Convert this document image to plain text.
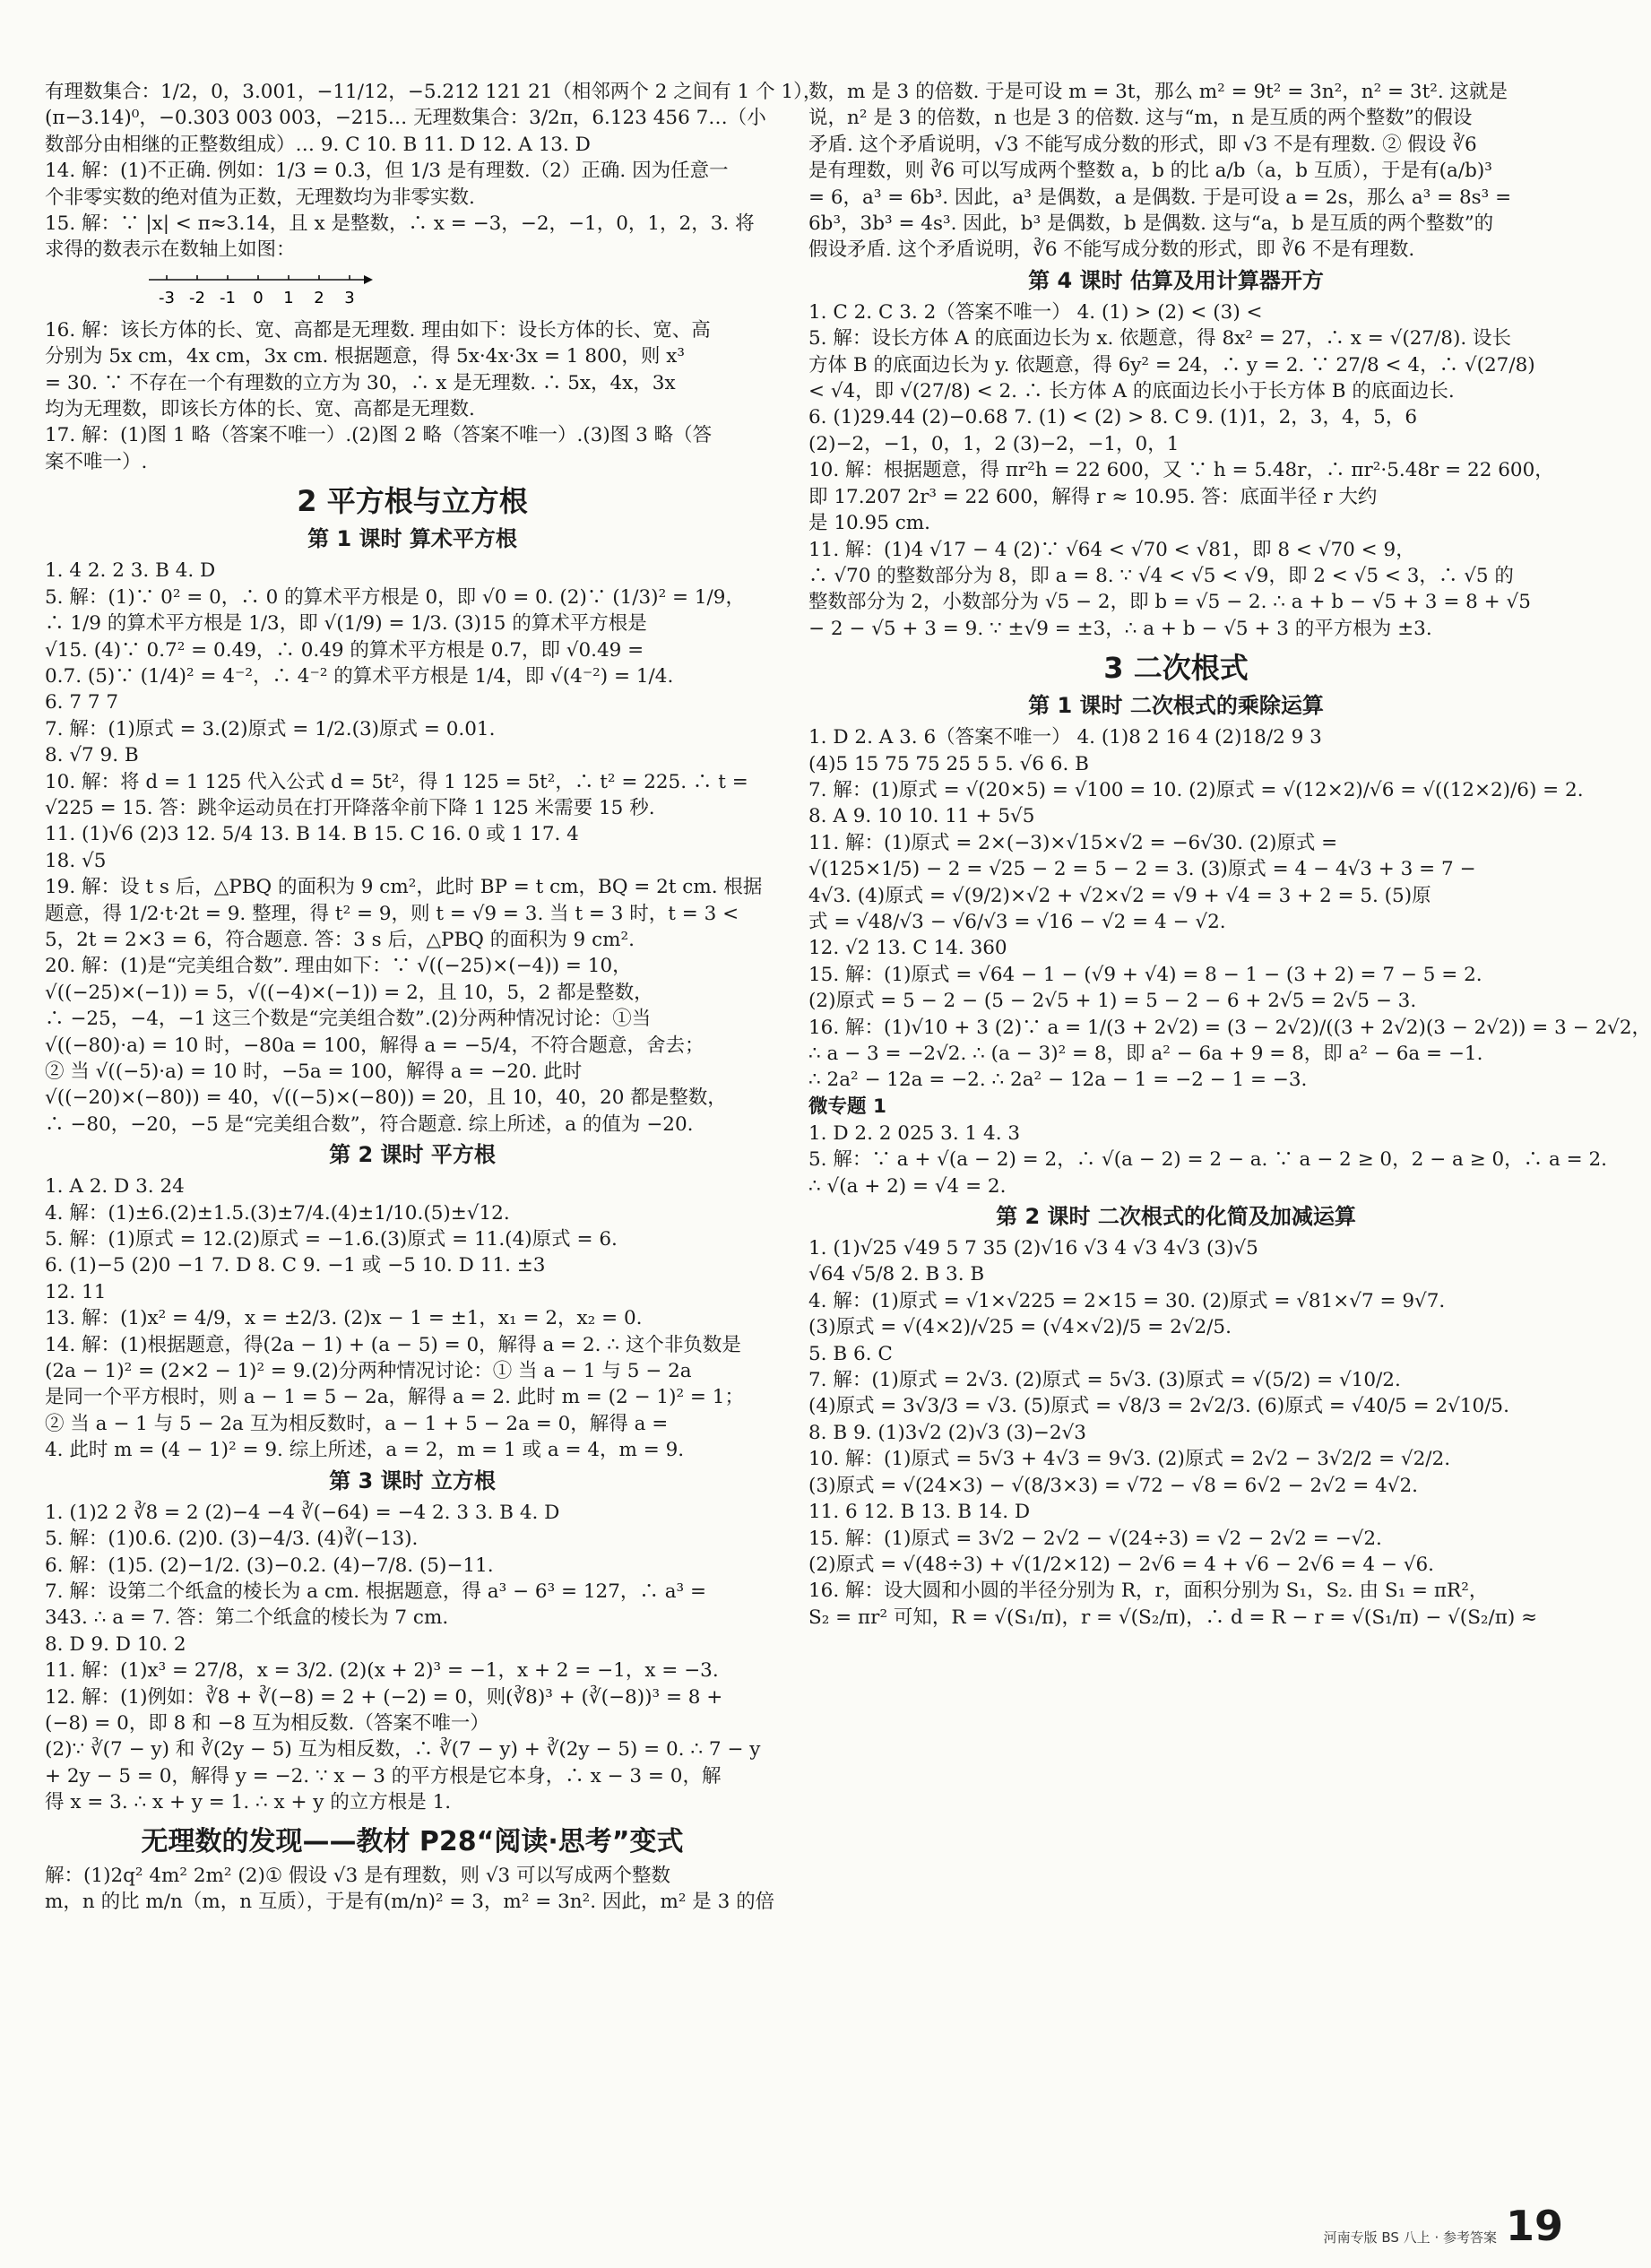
有理数集合：1/2，0，3.001，−11/12，−5.212 121 21（相邻两个 2 之间有 1 个 1），

(π−3.14)⁰，−0.303 003 003，−215… 无理数集合：3/2π，6.123 456 7…（小

数部分由相继的正整数组成）… 9. C 10. B 11. D 12. A 13. D

14. 解：(1)不正确. 例如：1/3 = 0.3̇，但 1/3 是有理数.（2）正确. 因为任意一

个非零实数的绝对值为正数，无理数均为非零实数.

15. 解：∵ |x| < π≈3.14，且 x 是整数，∴ x = −3，−2，−1，0，1，2，3. 将

求得的数表示在数轴上如图：

-3 -2 -1 0 1 2 3

16. 解：该长方体的长、宽、高都是无理数. 理由如下：设长方体的长、宽、高

分别为 5x cm，4x cm，3x cm. 根据题意，得 5x·4x·3x = 1 800，则 x³

= 30. ∵ 不存在一个有理数的立方为 30，∴ x 是无理数. ∴ 5x，4x，3x

均为无理数，即该长方体的长、宽、高都是无理数.

17. 解：(1)图 1 略（答案不唯一）.(2)图 2 略（答案不唯一）.(3)图 3 略（答

案不唯一）.

2 平方根与立方根
第 1 课时 算术平方根

1. 4 2. 2 3. B 4. D

5. 解：(1)∵ 0² = 0，∴ 0 的算术平方根是 0，即 √0 = 0. (2)∵ (1/3)² = 1/9，

∴ 1/9 的算术平方根是 1/3，即 √(1/9) = 1/3. (3)15 的算术平方根是

√15. (4)∵ 0.7² = 0.49，∴ 0.49 的算术平方根是 0.7，即 √0.49 =

0.7. (5)∵ (1/4)² = 4⁻²，∴ 4⁻² 的算术平方根是 1/4，即 √(4⁻²) = 1/4.

6. 7 7 7

7. 解：(1)原式 = 3.(2)原式 = 1/2.(3)原式 = 0.01.

8. √7 9. B

10. 解：将 d = 1 125 代入公式 d = 5t²，得 1 125 = 5t²，∴ t² = 225. ∴ t =

√225 = 15. 答：跳伞运动员在打开降落伞前下降 1 125 米需要 15 秒.

11. (1)√6 (2)3 12. 5/4 13. B 14. B 15. C 16. 0 或 1 17. 4

18. √5

19. 解：设 t s 后，△PBQ 的面积为 9 cm²，此时 BP = t cm，BQ = 2t cm. 根据

题意，得 1/2·t·2t = 9. 整理，得 t² = 9，则 t = √9 = 3. 当 t = 3 时，t = 3 <

5，2t = 2×3 = 6，符合题意. 答：3 s 后，△PBQ 的面积为 9 cm².

20. 解：(1)是“完美组合数”. 理由如下：∵ √((−25)×(−4)) = 10，

√((−25)×(−1)) = 5，√((−4)×(−1)) = 2，且 10，5，2 都是整数，

∴ −25，−4，−1 这三个数是“完美组合数”.(2)分两种情况讨论：①当

√((−80)·a) = 10 时，−80a = 100，解得 a = −5/4，不符合题意，舍去；

② 当 √((−5)·a) = 10 时，−5a = 100，解得 a = −20. 此时

√((−20)×(−80)) = 40，√((−5)×(−80)) = 20，且 10，40，20 都是整数，

∴ −80，−20，−5 是“完美组合数”，符合题意. 综上所述，a 的值为 −20.

第 2 课时 平方根

1. A 2. D 3. 24

4. 解：(1)±6.(2)±1.5.(3)±7/4.(4)±1/10.(5)±√12.

5. 解：(1)原式 = 12.(2)原式 = −1.6.(3)原式 = 11.(4)原式 = 6.

6. (1)−5 (2)0 −1 7. D 8. C 9. −1 或 −5 10. D 11. ±3

12. 11

13. 解：(1)x² = 4/9，x = ±2/3. (2)x − 1 = ±1，x₁ = 2，x₂ = 0.

14. 解：(1)根据题意，得(2a − 1) + (a − 5) = 0，解得 a = 2. ∴ 这个非负数是

(2a − 1)² = (2×2 − 1)² = 9.(2)分两种情况讨论：① 当 a − 1 与 5 − 2a

是同一个平方根时，则 a − 1 = 5 − 2a，解得 a = 2. 此时 m = (2 − 1)² = 1；

② 当 a − 1 与 5 − 2a 互为相反数时，a − 1 + 5 − 2a = 0，解得 a =

4. 此时 m = (4 − 1)² = 9. 综上所述，a = 2，m = 1 或 a = 4，m = 9.

第 3 课时 立方根

1. (1)2 2 ∛8 = 2 (2)−4 −4 ∛(−64) = −4 2. 3 3. B 4. D

5. 解：(1)0.6. (2)0. (3)−4/3. (4)∛(−13).

6. 解：(1)5. (2)−1/2. (3)−0.2. (4)−7/8. (5)−11.

7. 解：设第二个纸盒的棱长为 a cm. 根据题意，得 a³ − 6³ = 127，∴ a³ =

343. ∴ a = 7. 答：第二个纸盒的棱长为 7 cm.

8. D 9. D 10. 2

11. 解：(1)x³ = 27/8，x = 3/2. (2)(x + 2)³ = −1，x + 2 = −1，x = −3.

12. 解：(1)例如：∛8 + ∛(−8) = 2 + (−2) = 0，则(∛8)³ + (∛(−8))³ = 8 +

(−8) = 0，即 8 和 −8 互为相反数.（答案不唯一）

(2)∵ ∛(7 − y) 和 ∛(2y − 5) 互为相反数，∴ ∛(7 − y) + ∛(2y − 5) = 0. ∴ 7 − y

+ 2y − 5 = 0，解得 y = −2. ∵ x − 3 的平方根是它本身，∴ x − 3 = 0，解

得 x = 3. ∴ x + y = 1. ∴ x + y 的立方根是 1.

无理数的发现——教材 P28“阅读·思考”变式

解：(1)2q² 4m² 2m² (2)① 假设 √3 是有理数，则 √3 可以写成两个整数

m，n 的比 m/n（m，n 互质），于是有(m/n)² = 3，m² = 3n². 因此，m² 是 3 的倍

数，m 是 3 的倍数. 于是可设 m = 3t，那么 m² = 9t² = 3n²，n² = 3t². 这就是

说，n² 是 3 的倍数，n 也是 3 的倍数. 这与“m，n 是互质的两个整数”的假设

矛盾. 这个矛盾说明，√3 不能写成分数的形式，即 √3 不是有理数. ② 假设 ∛6

是有理数，则 ∛6 可以写成两个整数 a，b 的比 a/b（a，b 互质），于是有(a/b)³

= 6，a³ = 6b³. 因此，a³ 是偶数，a 是偶数. 于是可设 a = 2s，那么 a³ = 8s³ =

6b³，3b³ = 4s³. 因此，b³ 是偶数，b 是偶数. 这与“a，b 是互质的两个整数”的

假设矛盾. 这个矛盾说明，∛6 不能写成分数的形式，即 ∛6 不是有理数.

第 4 课时 估算及用计算器开方

1. C 2. C 3. 2（答案不唯一） 4. (1) > (2) < (3) <

5. 解：设长方体 A 的底面边长为 x. 依题意，得 8x² = 27，∴ x = √(27/8). 设长

方体 B 的底面边长为 y. 依题意，得 6y² = 24，∴ y = 2. ∵ 27/8 < 4，∴ √(27/8)

< √4，即 √(27/8) < 2. ∴ 长方体 A 的底面边长小于长方体 B 的底面边长.

6. (1)29.44 (2)−0.68 7. (1) < (2) > 8. C 9. (1)1，2，3，4，5，6

(2)−2，−1，0，1，2 (3)−2，−1，0，1

10. 解：根据题意，得 πr²h = 22 600，又 ∵ h = 5.48r，∴ πr²·5.48r = 22 600，

即 17.207 2r³ = 22 600，解得 r ≈ 10.95. 答：底面半径 r 大约

是 10.95 cm.

11. 解：(1)4 √17 − 4 (2)∵ √64 < √70 < √81，即 8 < √70 < 9，

∴ √70 的整数部分为 8，即 a = 8. ∵ √4 < √5 < √9，即 2 < √5 < 3，∴ √5 的

整数部分为 2，小数部分为 √5 − 2，即 b = √5 − 2. ∴ a + b − √5 + 3 = 8 + √5

− 2 − √5 + 3 = 9. ∵ ±√9 = ±3，∴ a + b − √5 + 3 的平方根为 ±3.

3 二次根式
第 1 课时 二次根式的乘除运算

1. D 2. A 3. 6（答案不唯一） 4. (1)8 2 16 4 (2)18/2 9 3

(4)5 15 75 75 25 5 5. √6 6. B

7. 解：(1)原式 = √(20×5) = √100 = 10. (2)原式 = √(12×2)/√6 = √((12×2)/6) = 2.

8. A 9. 10 10. 11 + 5√5

11. 解：(1)原式 = 2×(−3)×√15×√2 = −6√30. (2)原式 =

√(125×1/5) − 2 = √25 − 2 = 5 − 2 = 3. (3)原式 = 4 − 4√3 + 3 = 7 −

4√3. (4)原式 = √(9/2)×√2 + √2×√2 = √9 + √4 = 3 + 2 = 5. (5)原

式 = √48/√3 − √6/√3 = √16 − √2 = 4 − √2.

12. √2 13. C 14. 360

15. 解：(1)原式 = √64 − 1 − (√9 + √4) = 8 − 1 − (3 + 2) = 7 − 5 = 2.

(2)原式 = 5 − 2 − (5 − 2√5 + 1) = 5 − 2 − 6 + 2√5 = 2√5 − 3.

16. 解：(1)√10 + 3 (2)∵ a = 1/(3 + 2√2) = (3 − 2√2)/((3 + 2√2)(3 − 2√2)) = 3 − 2√2，

∴ a − 3 = −2√2. ∴ (a − 3)² = 8，即 a² − 6a + 9 = 8，即 a² − 6a = −1.

∴ 2a² − 12a = −2. ∴ 2a² − 12a − 1 = −2 − 1 = −3.

微专题 1

1. D 2. 2 025 3. 1 4. 3

5. 解：∵ a + √(a − 2) = 2，∴ √(a − 2) = 2 − a. ∵ a − 2 ≥ 0，2 − a ≥ 0，∴ a = 2.

∴ √(a + 2) = √4 = 2.

第 2 课时 二次根式的化简及加减运算

1. (1)√25 √49 5 7 35 (2)√16 √3 4 √3 4√3 (3)√5

√64 √5/8 2. B 3. B

4. 解：(1)原式 = √1×√225 = 2×15 = 30. (2)原式 = √81×√7 = 9√7.

(3)原式 = √(4×2)/√25 = (√4×√2)/5 = 2√2/5.

5. B 6. C

7. 解：(1)原式 = 2√3. (2)原式 = 5√3. (3)原式 = √(5/2) = √10/2.

(4)原式 = 3√3/3 = √3. (5)原式 = √8/3 = 2√2/3. (6)原式 = √40/5 = 2√10/5.

8. B 9. (1)3√2 (2)√3 (3)−2√3

10. 解：(1)原式 = 5√3 + 4√3 = 9√3. (2)原式 = 2√2 − 3√2/2 = √2/2.

(3)原式 = √(24×3) − √(8/3×3) = √72 − √8 = 6√2 − 2√2 = 4√2.

11. 6 12. B 13. B 14. D

15. 解：(1)原式 = 3√2 − 2√2 − √(24÷3) = √2 − 2√2 = −√2.

(2)原式 = √(48÷3) + √(1/2×12) − 2√6 = 4 + √6 − 2√6 = 4 − √6.

16. 解：设大圆和小圆的半径分别为 R，r，面积分别为 S₁，S₂. 由 S₁ = πR²，

S₂ = πr² 可知，R = √(S₁/π)，r = √(S₂/π)，∴ d = R − r = √(S₁/π) − √(S₂/π) ≈

河南专版 BS 八上 · 参考答案 19
